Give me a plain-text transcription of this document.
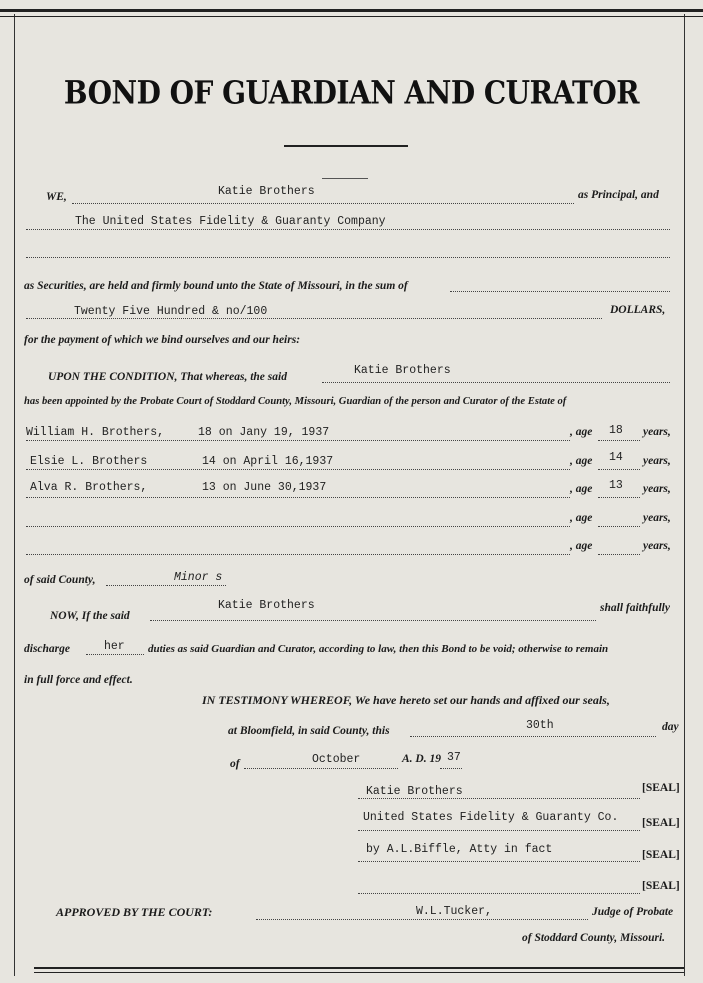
BOND OF GUARDIAN AND CURATOR
WE,	Katie Brothers	as Principal, and
The United States Fidelity & Guaranty Company
as Securities, are held and firmly bound unto the State of Missouri, in the sum of
Twenty Five Hundred & no/100	DOLLARS,
for the payment of which we bind ourselves and our heirs:
UPON THE CONDITION, That whereas, the said	Katie Brothers
has been appointed by the Probate Court of Stoddard County, Missouri, Guardian of the person and Curator of the Estate of
William H. Brothers,	18 on Jany 19, 1937	, age 18 years,
Elsie L. Brothers	14 on April 16,1937	, age 14 years,
Alva R. Brothers,	13 on June 30,1937	, age 13 years,
, age	years,
, age	years,
of said County,	Minor s
NOW, If the said
Katie Brothers	shall faithfully
discharge	her duties as said Guardian and Curator, according to law, then this Bond to be void; otherwise to remain
in full force and effect.
IN TESTIMONY WHEREOF, We have hereto set our hands and affixed our seals,
at Bloomfield, in said County, this	30th	day
of	October	A. D. 19 37
Katie Brothers	[SEAL]
United States Fidelity & Guaranty Co. [SEAL]
by A.L.Biffle, Atty in fact	[SEAL]
[SEAL]
APPROVED BY THE COURT:	W.L.Tucker,	Judge of Probate
of Stoddard County, Missouri.
